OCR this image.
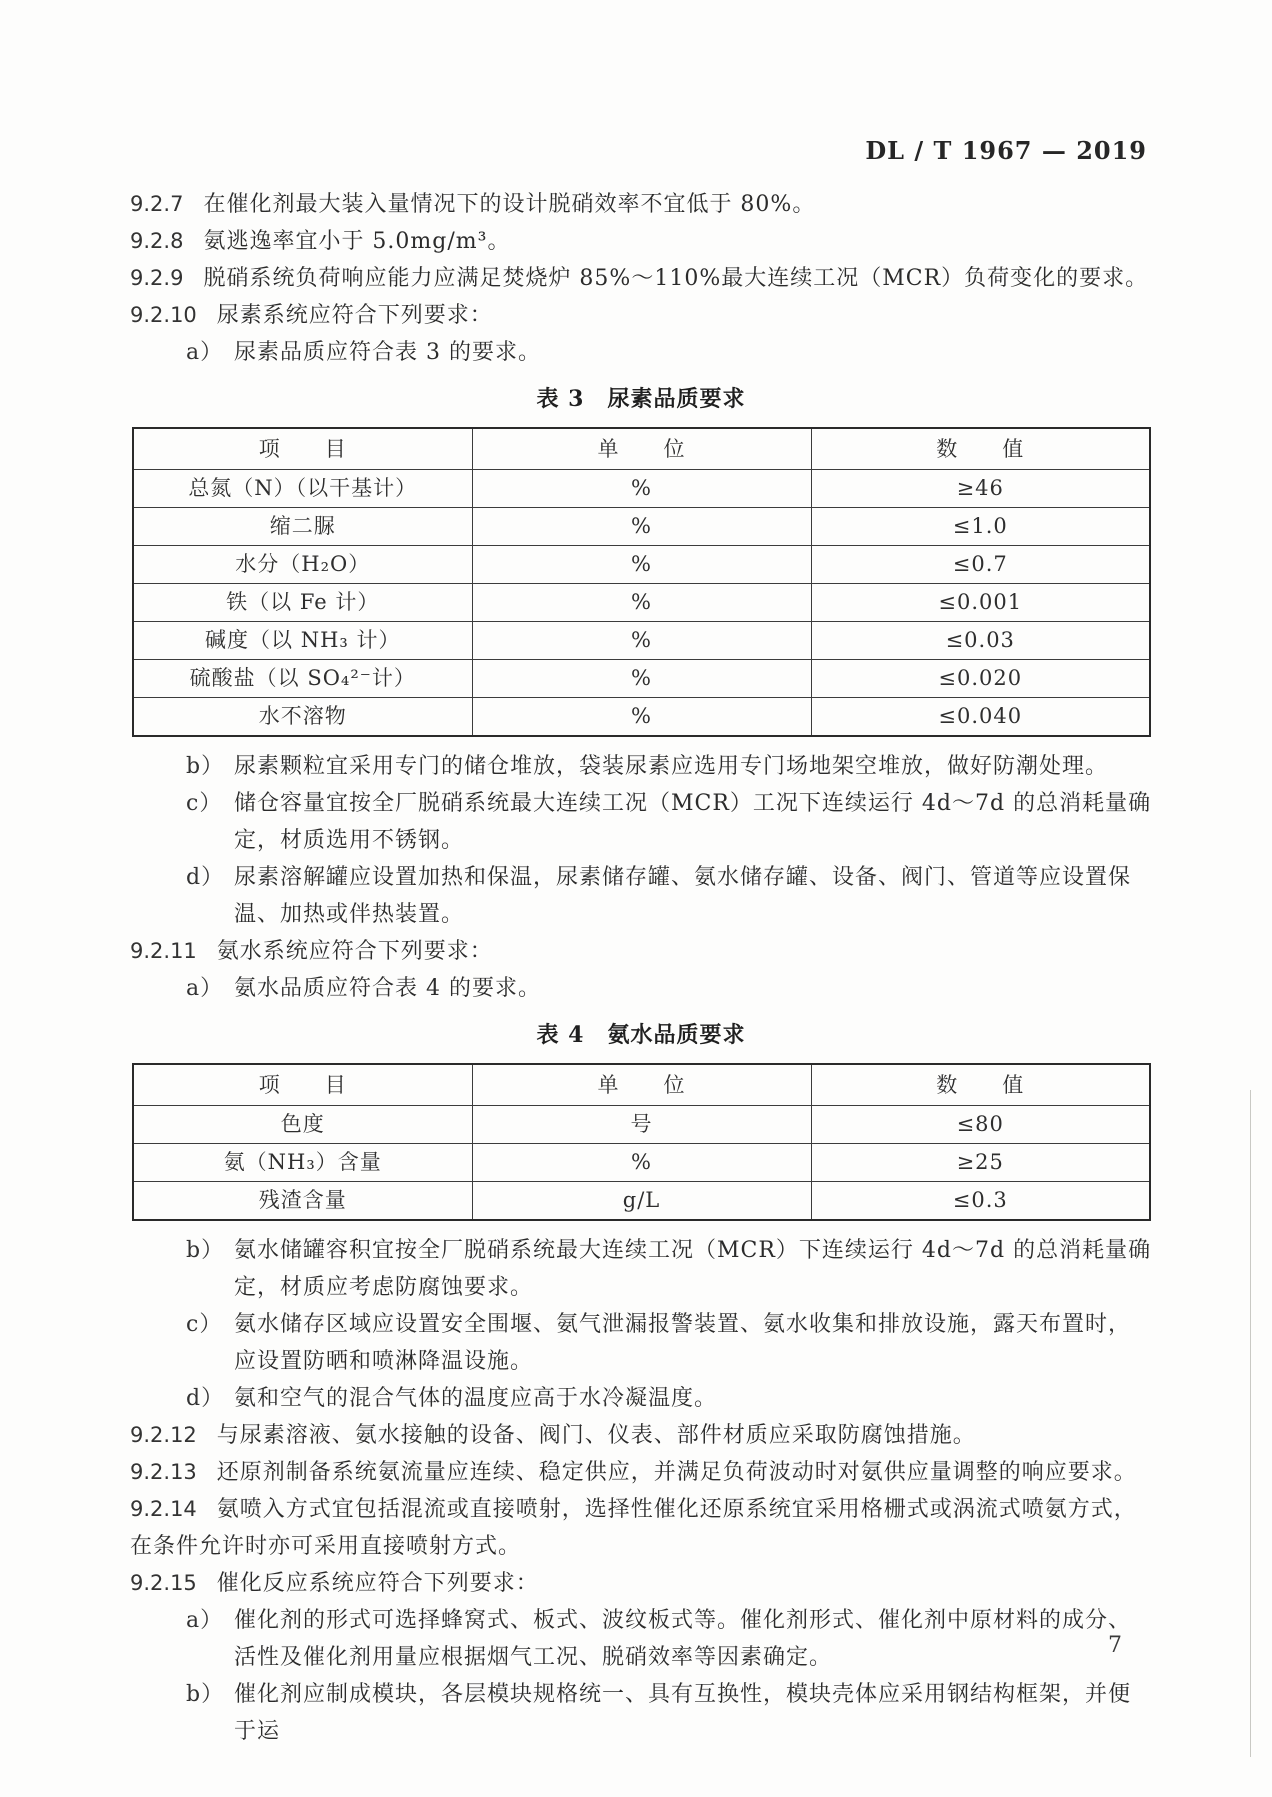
DL / T 1967 — 2019

9.2.7 在催化剂最大装入量情况下的设计脱硝效率不宜低于 80%。

9.2.8 氨逃逸率宜小于 5.0mg/m³。

9.2.9 脱硝系统负荷响应能力应满足焚烧炉 85%～110%最大连续工况（MCR）负荷变化的要求。

9.2.10 尿素系统应符合下列要求：

a） 尿素品质应符合表 3 的要求。

表 3　尿素品质要求

项　　目	单　　位	数　　值
总氮（N）（以干基计）	%	≥46
缩二脲	%	≤1.0
水分（H₂O）	%	≤0.7
铁（以 Fe 计）	%	≤0.001
碱度（以 NH₃ 计）	%	≤0.03
硫酸盐（以 SO₄²⁻计）	%	≤0.020
水不溶物	%	≤0.040
b） 尿素颗粒宜采用专门的储仓堆放，袋装尿素应选用专门场地架空堆放，做好防潮处理。
c） 储仓容量宜按全厂脱硝系统最大连续工况（MCR）工况下连续运行 4d～7d 的总消耗量确定，材质选用不锈钢。
d） 尿素溶解罐应设置加热和保温，尿素储存罐、氨水储存罐、设备、阀门、管道等应设置保温、加热或伴热装置。

9.2.11 氨水系统应符合下列要求：

a） 氨水品质应符合表 4 的要求。

表 4　氨水品质要求

项　　目	单　　位	数　　值
色度	号	≤80
氨（NH₃）含量	%	≥25
残渣含量	g/L	≤0.3
b） 氨水储罐容积宜按全厂脱硝系统最大连续工况（MCR）下连续运行 4d～7d 的总消耗量确定，材质应考虑防腐蚀要求。
c） 氨水储存区域应设置安全围堰、氨气泄漏报警装置、氨水收集和排放设施，露天布置时，应设置防晒和喷淋降温设施。
d） 氨和空气的混合气体的温度应高于水冷凝温度。

9.2.12 与尿素溶液、氨水接触的设备、阀门、仪表、部件材质应采取防腐蚀措施。

9.2.13 还原剂制备系统氨流量应连续、稳定供应，并满足负荷波动时对氨供应量调整的响应要求。

9.2.14 氨喷入方式宜包括混流或直接喷射，选择性催化还原系统宜采用格栅式或涡流式喷氨方式，在条件允许时亦可采用直接喷射方式。

9.2.15 催化反应系统应符合下列要求：

a） 催化剂的形式可选择蜂窝式、板式、波纹板式等。催化剂形式、催化剂中原材料的成分、活性及催化剂用量应根据烟气工况、脱硝效率等因素确定。
b） 催化剂应制成模块，各层模块规格统一、具有互换性，模块壳体应采用钢结构框架，并便于运
7
